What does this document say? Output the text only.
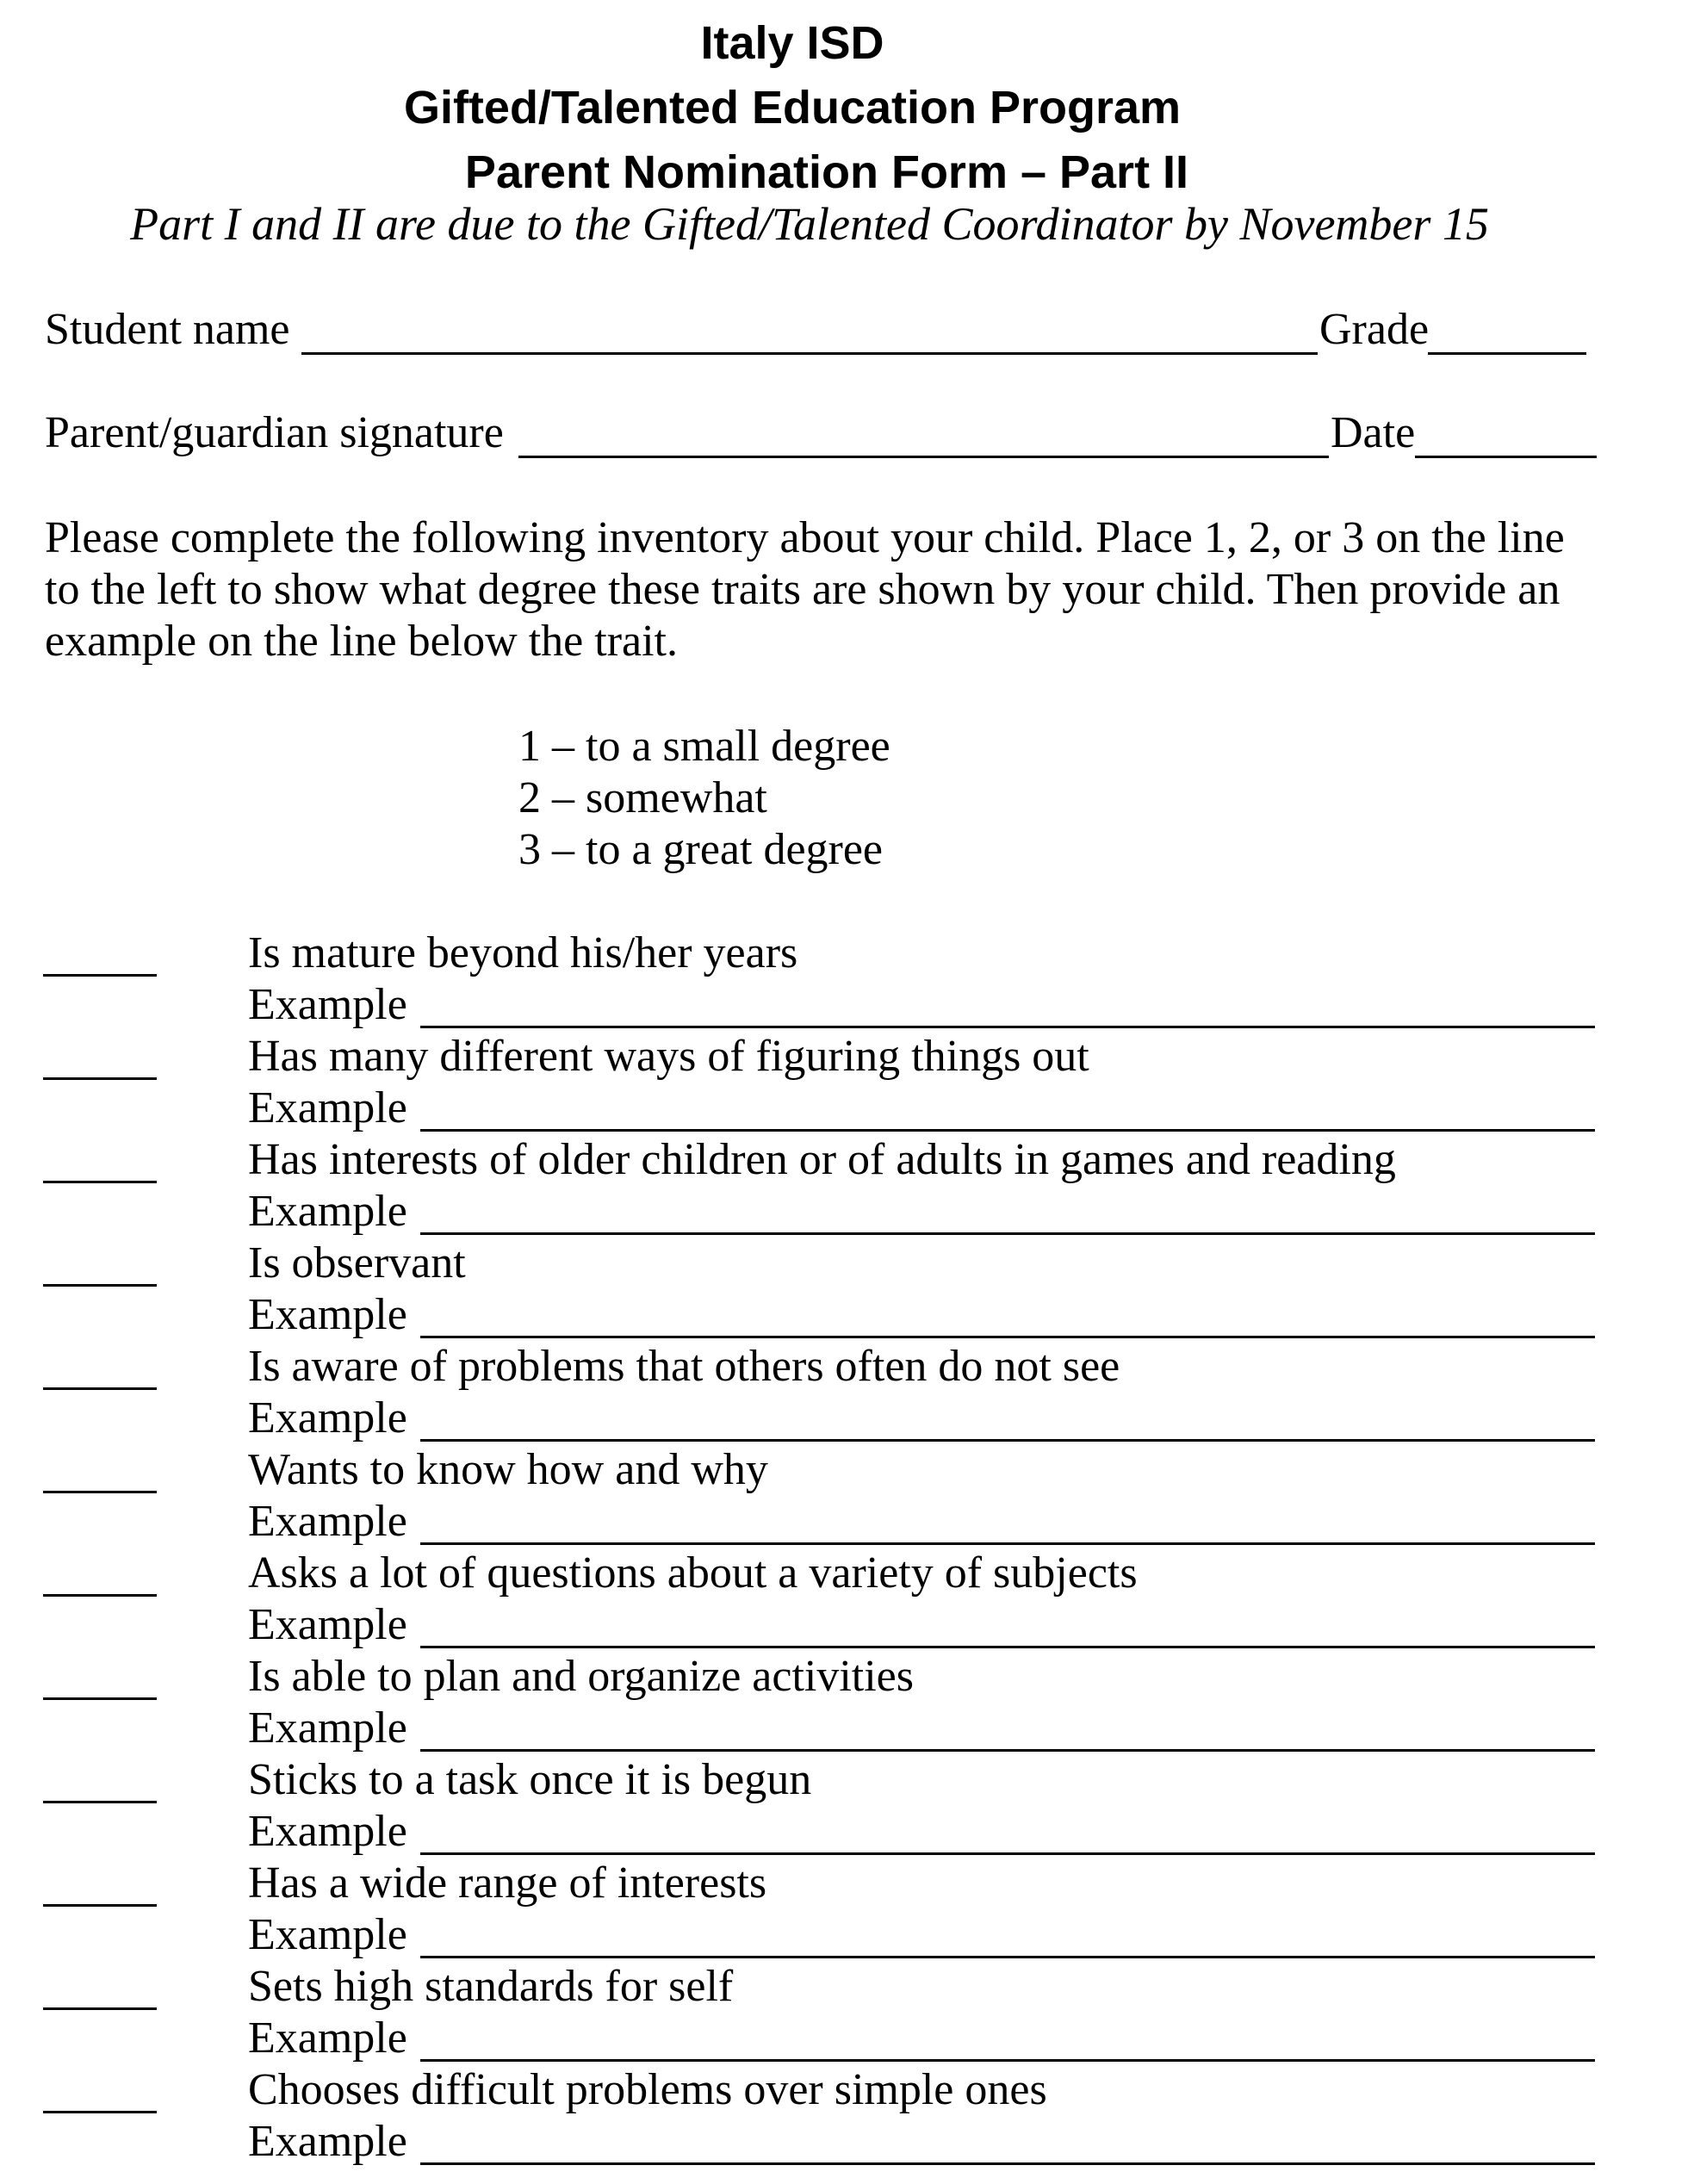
Italy ISD
Gifted/Talented Education Program
Parent Nomination Form – Part II
Part I and II are due to the Gifted/Talented Coordinator by November 15
Student name	Grade
Parent/guardian signature	Date
Please complete the following inventory about your child. Place 1, 2, or 3 on the line
to the left to show what degree these traits are shown by your child. Then provide an
example on the line below the trait.
1 – to a small degree
2 – somewhat
3 – to a great degree
Is mature beyond his/her years
Example
Has many different ways of figuring things out
Example
Has interests of older children or of adults in games and reading
Example
Is observant
Example
Is aware of problems that others often do not see
Example
Wants to know how and why
Example
Asks a lot of questions about a variety of subjects
Example
Is able to plan and organize activities
Example
Sticks to a task once it is begun
Example
Has a wide range of interests
Example
Sets high standards for self
Example
Chooses difficult problems over simple ones
Example
